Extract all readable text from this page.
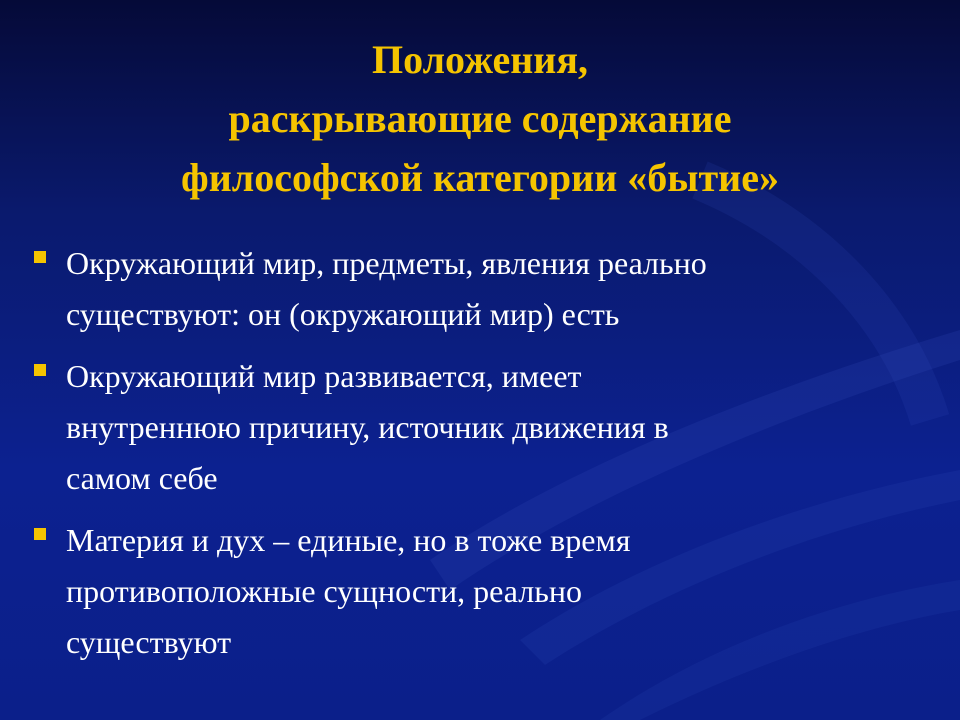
Положения,
раскрывающие содержание
философской категории «бытие»
Окружающий мир, предметы, явления реально
существуют: он (окружающий мир) есть
Окружающий мир развивается, имеет
внутреннюю причину, источник движения в
самом себе
Материя и дух – единые, но в тоже время
противоположные сущности, реально
существуют
